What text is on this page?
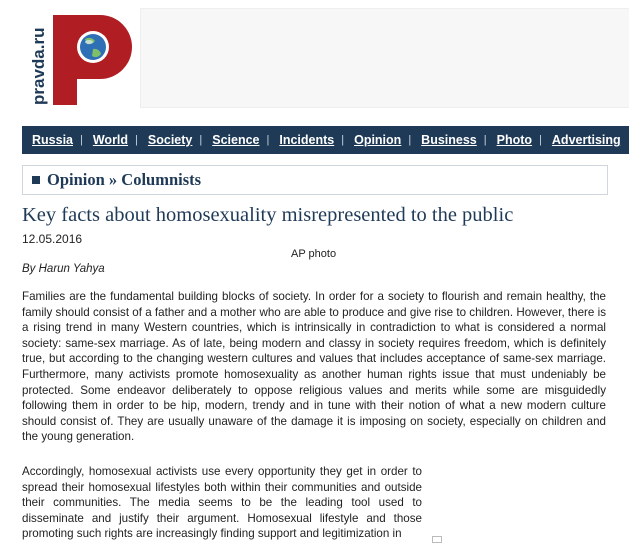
pravda.ru
Russia | World | Society | Science | Incidents | Opinion | Business | Photo | Advertising
Opinion » Columnists
Key facts about homosexuality misrepresented to the public
12.05.2016
AP photo
By Harun Yahya

Families are the fundamental building blocks of society. In order for a society to flourish and remain healthy, the family should consist of a father and a mother who are able to produce and give rise to children. However, there is a rising trend in many Western countries, which is intrinsically in contradiction to what is considered a normal society: same-sex marriage. As of late, being modern and classy in society requires freedom, which is definitely true, but according to the changing western cultures and values that includes acceptance of same-sex marriage. Furthermore, many activists promote homosexuality as another human rights issue that must undeniably be protected. Some endeavor deliberately to oppose religious values and merits while some are misguidedly following them in order to be hip, modern, trendy and in tune with their notion of what a new modern culture should consist of. They are usually unaware of the damage it is imposing on society, especially on children and the young generation.

Accordingly, homosexual activists use every opportunity they get in order to spread their homosexual lifestyles both within their communities and outside their communities. The media seems to be the leading tool used to disseminate and justify their argument. Homosexual lifestyle and those promoting such rights are increasingly finding support and legitimization in
